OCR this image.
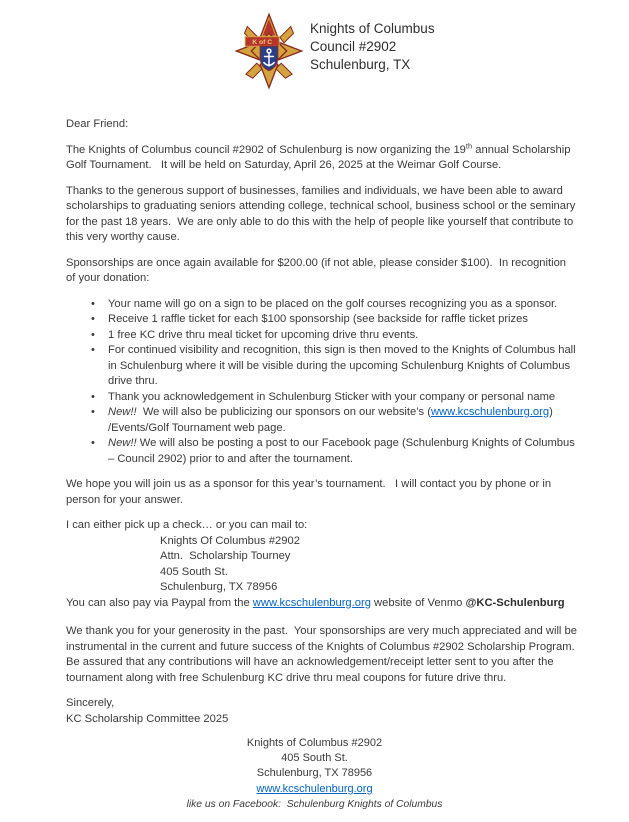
K of C
Knights of Columbus
Council #2902
Schulenburg, TX

Dear Friend:

The Knights of Columbus council #2902 of Schulenburg is now organizing the 19th annual Scholarship Golf Tournament.   It will be held on Saturday, April 26, 2025 at the Weimar Golf Course.

Thanks to the generous support of businesses, families and individuals, we have been able to award scholarships to graduating seniors attending college, technical school, business school or the seminary for the past 18 years.  We are only able to do this with the help of people like yourself that contribute to this very worthy cause.

Sponsorships are once again available for $200.00 (if not able, please consider $100).  In recognition of your donation:

• Your name will go on a sign to be placed on the golf courses recognizing you as a sponsor.
• Receive 1 raffle ticket for each $100 sponsorship (see backside for raffle ticket prizes
• 1 free KC drive thru meal ticket for upcoming drive thru events.
• For continued visibility and recognition, this sign is then moved to the Knights of Columbus hall in Schulenburg where it will be visible during the upcoming Schulenburg Knights of Columbus drive thru.
• Thank you acknowledgement in Schulenburg Sticker with your company or personal name
• New!!  We will also be publicizing our sponsors on our website’s (www.kcschulenburg.org) /Events/Golf Tournament web page.
• New!! We will also be posting a post to our Facebook page (Schulenburg Knights of Columbus – Council 2902) prior to and after the tournament.

We hope you will join us as a sponsor for this year’s tournament.   I will contact you by phone or in person for your answer.

I can either pick up a check… or you can mail to:
Knights Of Columbus #2902
Attn.  Scholarship Tourney
405 South St.
Schulenburg, TX 78956
You can also pay via Paypal from the www.kcschulenburg.org website of Venmo @KC-Schulenburg

We thank you for your generosity in the past.  Your sponsorships are very much appreciated and will be instrumental in the current and future success of the Knights of Columbus #2902 Scholarship Program.  Be assured that any contributions will have an acknowledgement/receipt letter sent to you after the tournament along with free Schulenburg KC drive thru meal coupons for future drive thru.

Sincerely,
KC Scholarship Committee 2025
Knights of Columbus #2902
405 South St.
Schulenburg, TX 78956
www.kcschulenburg.org
like us on Facebook:  Schulenburg Knights of Columbus
